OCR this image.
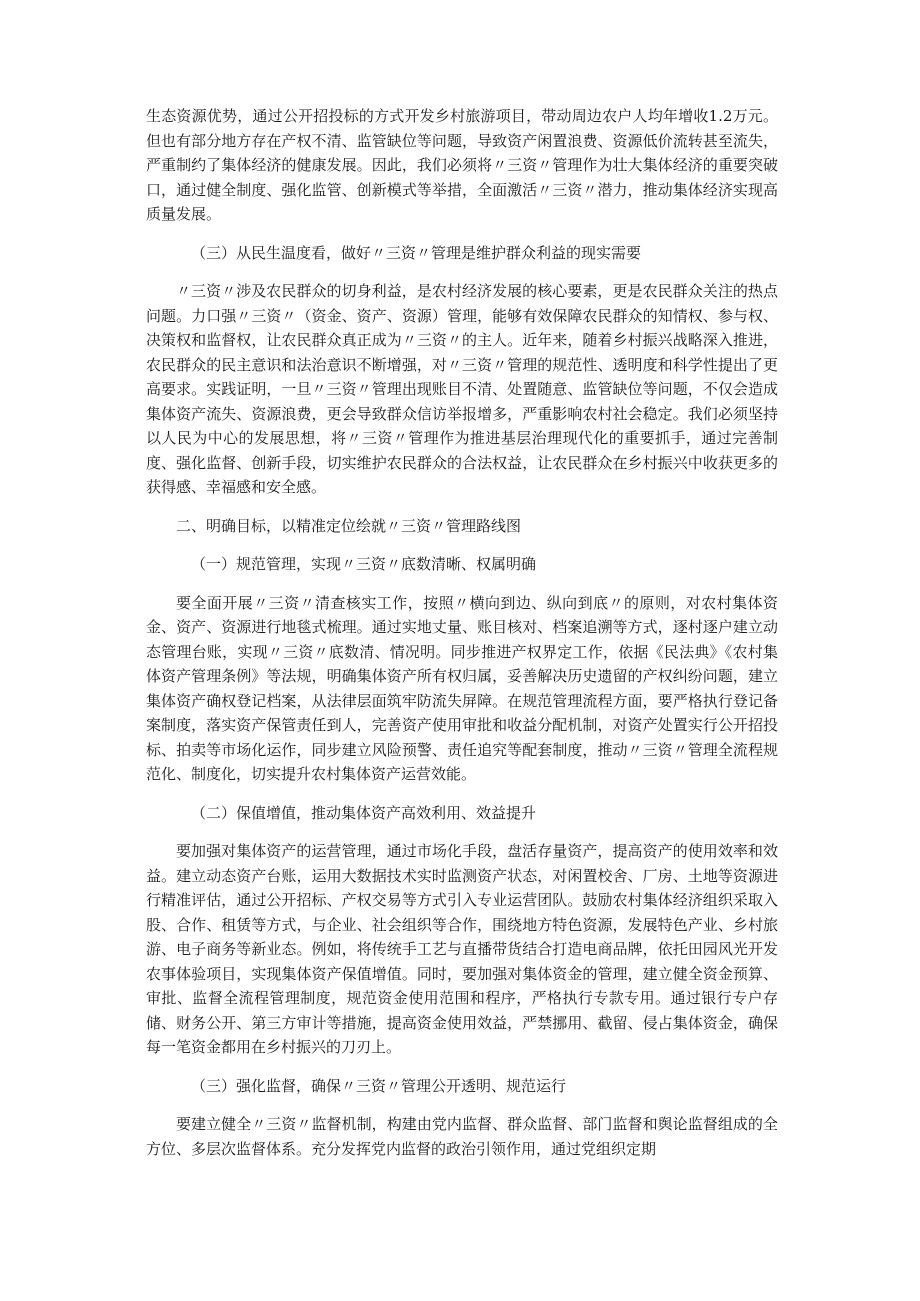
生态资源优势，通过公开招投标的方式开发乡村旅游项目，带动周边农户人均年增收1.2万元。但也有部分地方存在产权不清、监管缺位等问题，导致资产闲置浪费、资源低价流转甚至流失，严重制约了集体经济的健康发展。因此，我们必须将〃三资〃管理作为壮大集体经济的重要突破口，通过健全制度、强化监管、创新模式等举措，全面激活〃三资〃潜力，推动集体经济实现高质量发展。

（三）从民生温度看，做好〃三资〃管理是维护群众利益的现实需要

〃三资〃涉及农民群众的切身利益，是农村经济发展的核心要素，更是农民群众关注的热点问题。力口强〃三资〃（资金、资产、资源）管理，能够有效保障农民群众的知情权、参与权、决策权和监督权，让农民群众真正成为〃三资〃的主人。近年来，随着乡村振兴战略深入推进，农民群众的民主意识和法治意识不断增强，对〃三资〃管理的规范性、透明度和科学性提出了更高要求。实践证明，一旦〃三资〃管理出现账目不清、处置随意、监管缺位等问题，不仅会造成集体资产流失、资源浪费，更会导致群众信访举报增多，严重影响农村社会稳定。我们必须坚持以人民为中心的发展思想，将〃三资〃管理作为推进基层治理现代化的重要抓手，通过完善制度、强化监督、创新手段，切实维护农民群众的合法权益，让农民群众在乡村振兴中收获更多的获得感、幸福感和安全感。

二、明确目标，以精准定位绘就〃三资〃管理路线图

（一）规范管理，实现〃三资〃底数清晰、权属明确

要全面开展〃三资〃清查核实工作，按照〃横向到边、纵向到底〃的原则，对农村集体资金、资产、资源进行地毯式梳理。通过实地丈量、账目核对、档案追溯等方式，逐村逐户建立动态管理台账，实现〃三资〃底数清、情况明。同步推进产权界定工作，依据《民法典》《农村集体资产管理条例》等法规，明确集体资产所有权归属，妥善解决历史遗留的产权纠纷问题，建立集体资产确权登记档案，从法律层面筑牢防流失屏障。在规范管理流程方面，要严格执行登记备案制度，落实资产保管责任到人，完善资产使用审批和收益分配机制，对资产处置实行公开招投标、拍卖等市场化运作，同步建立风险预警、责任追究等配套制度，推动〃三资〃管理全流程规范化、制度化，切实提升农村集体资产运营效能。

（二）保值增值，推动集体资产高效利用、效益提升

要加强对集体资产的运营管理，通过市场化手段，盘活存量资产，提高资产的使用效率和效益。建立动态资产台账，运用大数据技术实时监测资产状态，对闲置校舍、厂房、土地等资源进行精准评估，通过公开招标、产权交易等方式引入专业运营团队。鼓励农村集体经济组织采取入股、合作、租赁等方式，与企业、社会组织等合作，围绕地方特色资源，发展特色产业、乡村旅游、电子商务等新业态。例如，将传统手工艺与直播带货结合打造电商品牌，依托田园风光开发农事体验项目，实现集体资产保值增值。同时，要加强对集体资金的管理，建立健全资金预算、审批、监督全流程管理制度，规范资金使用范围和程序，严格执行专款专用。通过银行专户存储、财务公开、第三方审计等措施，提高资金使用效益，严禁挪用、截留、侵占集体资金，确保每一笔资金都用在乡村振兴的刀刃上。

（三）强化监督，确保〃三资〃管理公开透明、规范运行

要建立健全〃三资〃监督机制，构建由党内监督、群众监督、部门监督和舆论监督组成的全方位、多层次监督体系。充分发挥党内监督的政治引领作用，通过党组织定期
